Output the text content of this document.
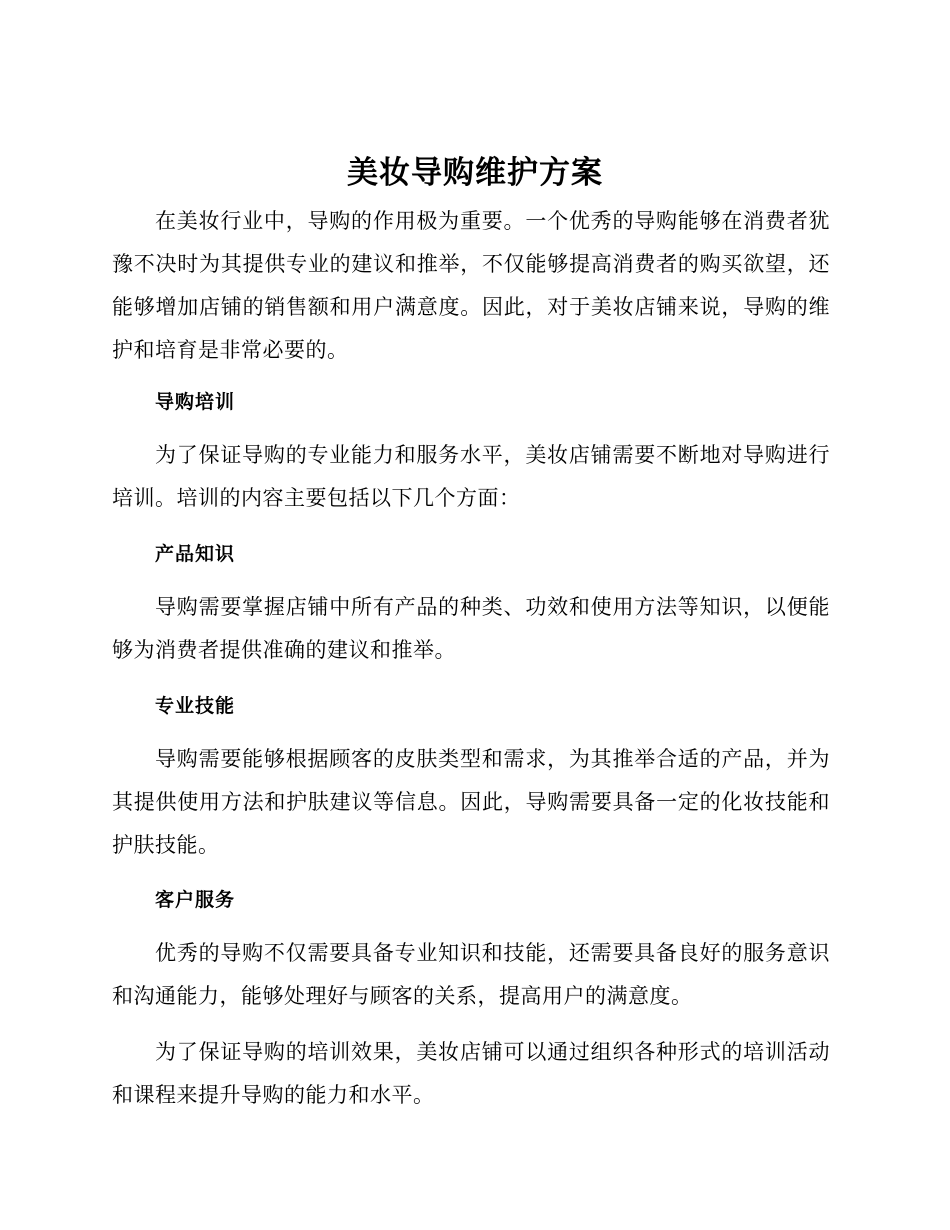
美妆导购维护方案

在美妆行业中，导购的作用极为重要。一个优秀的导购能够在消费者犹豫不决时为其提供专业的建议和推举，不仅能够提高消费者的购买欲望，还能够增加店铺的销售额和用户满意度。因此，对于美妆店铺来说，导购的维护和培育是非常必要的。

导购培训

为了保证导购的专业能力和服务水平，美妆店铺需要不断地对导购进行培训。培训的内容主要包括以下几个方面：

产品知识

导购需要掌握店铺中所有产品的种类、功效和使用方法等知识，以便能够为消费者提供准确的建议和推举。

专业技能

导购需要能够根据顾客的皮肤类型和需求，为其推举合适的产品，并为其提供使用方法和护肤建议等信息。因此，导购需要具备一定的化妆技能和护肤技能。

客户服务

优秀的导购不仅需要具备专业知识和技能，还需要具备良好的服务意识和沟通能力，能够处理好与顾客的关系，提高用户的满意度。

为了保证导购的培训效果，美妆店铺可以通过组织各种形式的培训活动和课程来提升导购的能力和水平。
